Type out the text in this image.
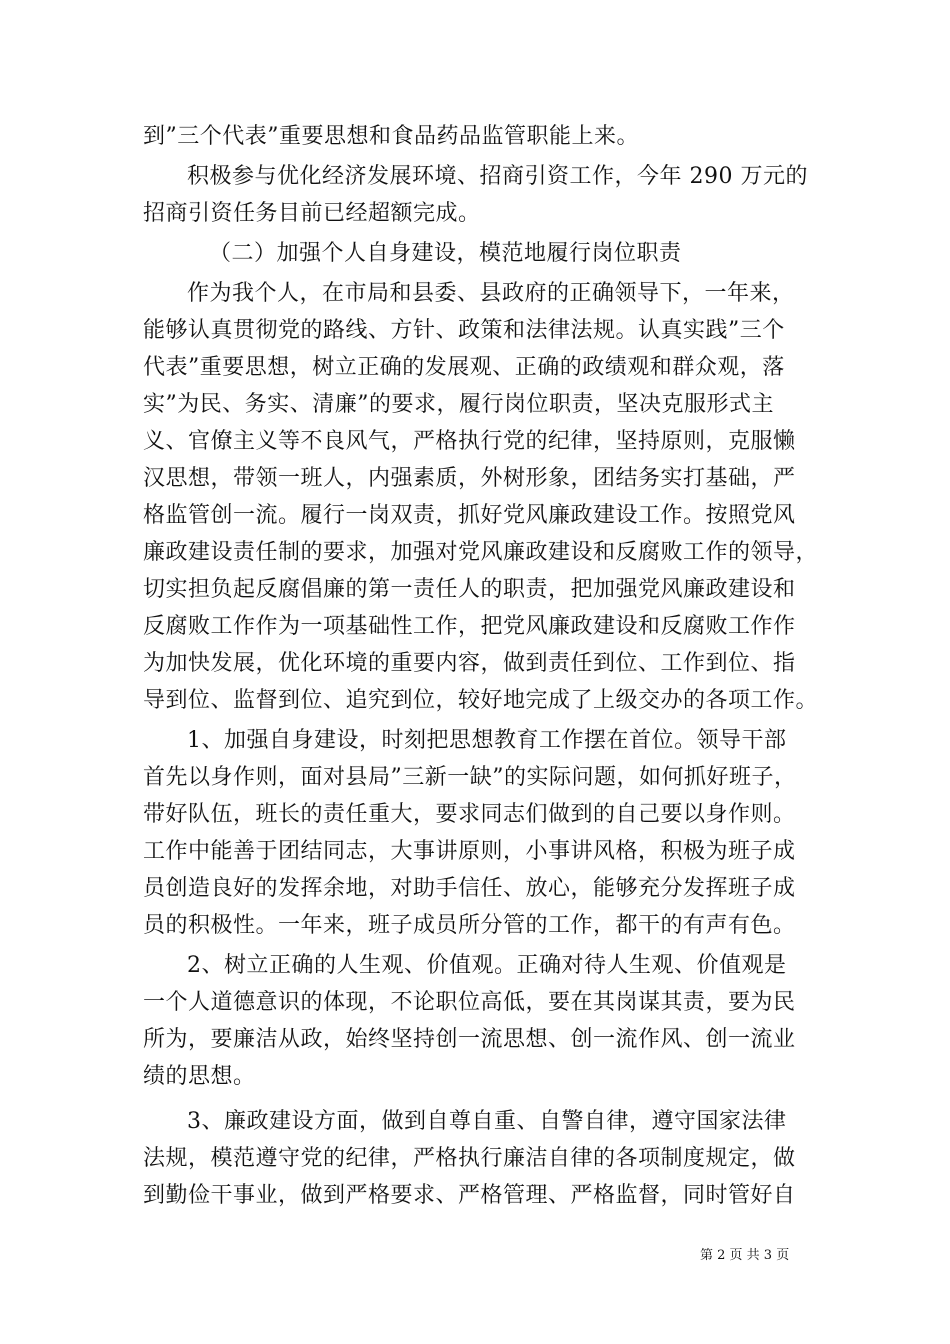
到”三个代表”重要思想和食品药品监管职能上来。
积极参与优化经济发展环境、招商引资工作，今年 290 万元的
招商引资任务目前已经超额完成。
（二）加强个人自身建设，模范地履行岗位职责
作为我个人，在市局和县委、县政府的正确领导下，一年来，
能够认真贯彻党的路线、方针、政策和法律法规。认真实践”三个
代表”重要思想，树立正确的发展观、正确的政绩观和群众观，落
实”为民、务实、清廉”的要求，履行岗位职责，坚决克服形式主
义、官僚主义等不良风气，严格执行党的纪律，坚持原则，克服懒
汉思想，带领一班人，内强素质，外树形象，团结务实打基础，严
格监管创一流。履行一岗双责，抓好党风廉政建设工作。按照党风
廉政建设责任制的要求，加强对党风廉政建设和反腐败工作的领导，
切实担负起反腐倡廉的第一责任人的职责，把加强党风廉政建设和
反腐败工作作为一项基础性工作，把党风廉政建设和反腐败工作作
为加快发展，优化环境的重要内容，做到责任到位、工作到位、指
导到位、监督到位、追究到位，较好地完成了上级交办的各项工作。
1、加强自身建设，时刻把思想教育工作摆在首位。领导干部
首先以身作则，面对县局”三新一缺”的实际问题，如何抓好班子，
带好队伍，班长的责任重大，要求同志们做到的自己要以身作则。
工作中能善于团结同志，大事讲原则，小事讲风格，积极为班子成
员创造良好的发挥余地，对助手信任、放心，能够充分发挥班子成
员的积极性。一年来，班子成员所分管的工作，都干的有声有色。
2、树立正确的人生观、价值观。正确对待人生观、价值观是
一个人道德意识的体现，不论职位高低，要在其岗谋其责，要为民
所为，要廉洁从政，始终坚持创一流思想、创一流作风、创一流业
绩的思想。
3、廉政建设方面，做到自尊自重、自警自律，遵守国家法律
法规，模范遵守党的纪律，严格执行廉洁自律的各项制度规定，做
到勤俭干事业，做到严格要求、严格管理、严格监督，同时管好自
第 2 页 共 3 页
